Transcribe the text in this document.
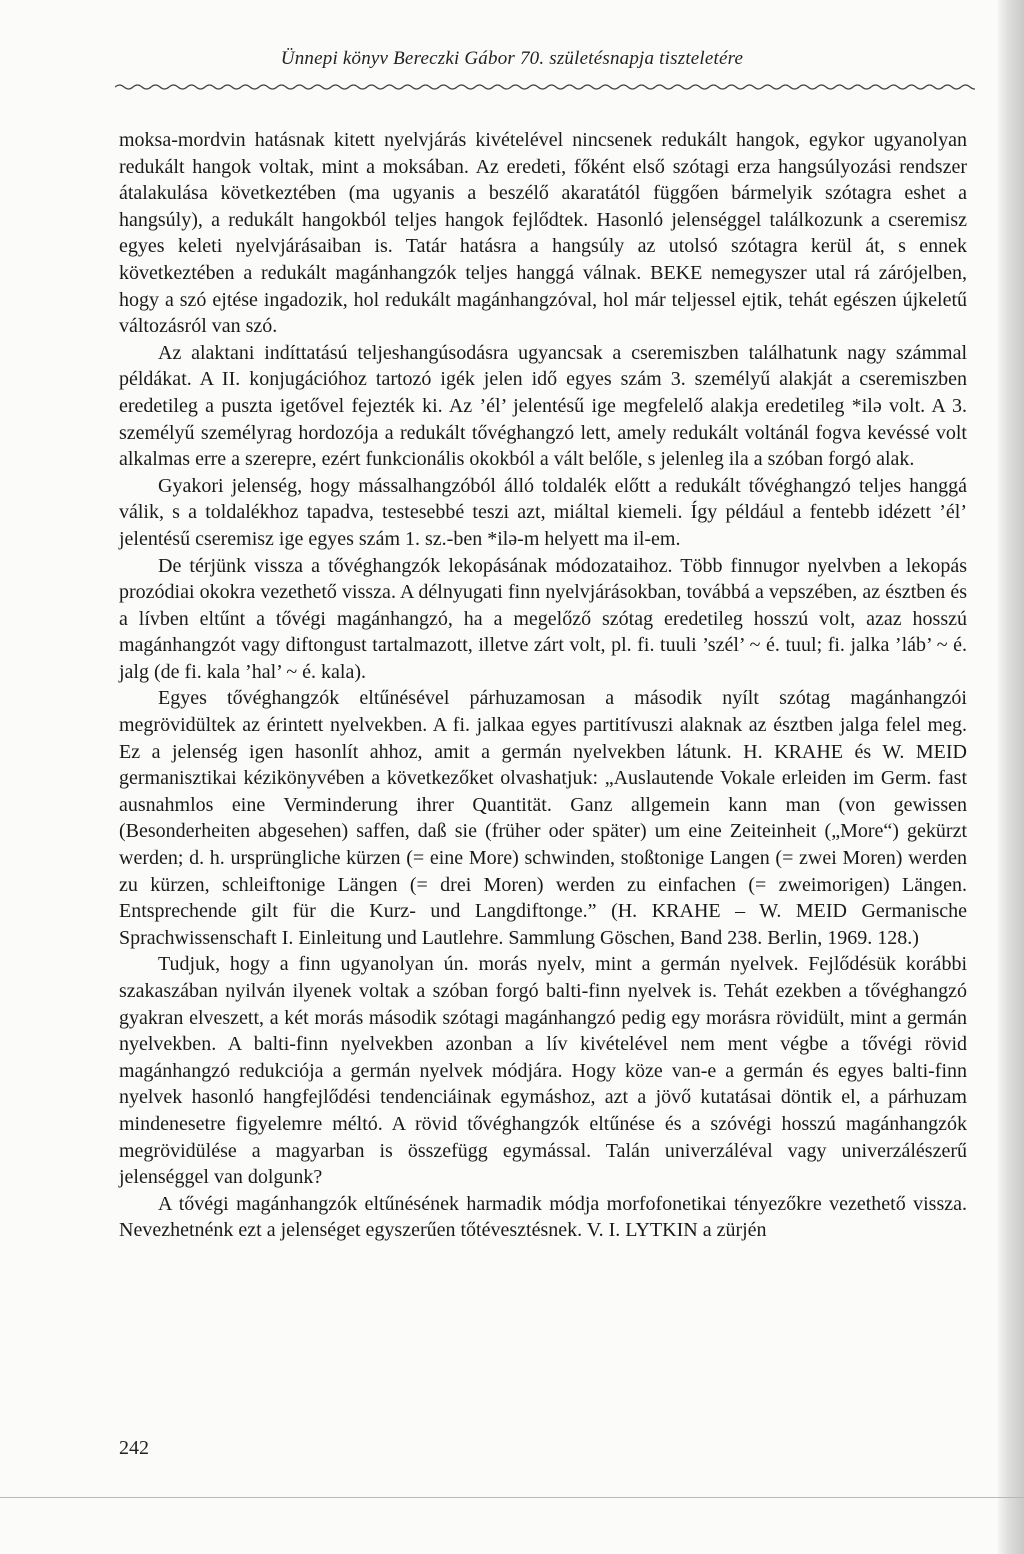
Ünnepi könyv Bereczki Gábor 70. születésnapja tiszteletére

moksa-mordvin hatásnak kitett nyelvjárás kivételével nincsenek redukált hangok, egykor ugyanolyan redukált hangok voltak, mint a moksában. Az eredeti, főként első szótagi erza hangsúlyozási rendszer átalakulása következtében (ma ugyanis a beszélő akaratától függően bármelyik szótagra eshet a hangsúly), a redukált hangokból teljes hangok fejlődtek. Hasonló jelenséggel találkozunk a cseremisz egyes keleti nyelvjárásaiban is. Tatár hatásra a hangsúly az utolsó szótagra kerül át, s ennek következtében a redukált magánhangzók teljes hanggá válnak. BEKE nemegyszer utal rá zárójelben, hogy a szó ejtése ingadozik, hol redukált magánhangzóval, hol már teljessel ejtik, tehát egészen újkeletű változásról van szó.

Az alaktani indíttatású teljeshangúsodásra ugyancsak a cseremiszben találhatunk nagy számmal példákat. A II. konjugációhoz tartozó igék jelen idő egyes szám 3. személyű alakját a cseremiszben eredetileg a puszta igetővel fejezték ki. Az ’él’ jelentésű ige megfelelő alakja eredetileg *ilə volt. A 3. személyű személyrag hordozója a redukált tővéghangzó lett, amely redukált voltánál fogva kevéssé volt alkalmas erre a szerepre, ezért funkcionális okokból a vált belőle, s jelenleg ila a szóban forgó alak.

Gyakori jelenség, hogy mássalhangzóból álló toldalék előtt a redukált tővéghangzó teljes hanggá válik, s a toldalékhoz tapadva, testesebbé teszi azt, miáltal kiemeli. Így például a fentebb idézett ’él’ jelentésű cseremisz ige egyes szám 1. sz.-ben *ilə-m helyett ma il-em.

De térjünk vissza a tővéghangzók lekopásának módozataihoz. Több finnugor nyelvben a lekopás prozódiai okokra vezethető vissza. A délnyugati finn nyelvjárásokban, továbbá a vepszében, az észtben és a lívben eltűnt a tővégi magánhangzó, ha a megelőző szótag eredetileg hosszú volt, azaz hosszú magánhangzót vagy diftongust tartalmazott, illetve zárt volt, pl. fi. tuuli ’szél’ ~ é. tuul; fi. jalka ’láb’ ~ é. jalg (de fi. kala ’hal’ ~ é. kala).

Egyes tővéghangzók eltűnésével párhuzamosan a második nyílt szótag magánhangzói megrövidültek az érintett nyelvekben. A fi. jalkaa egyes partitívuszi alaknak az észtben jalga felel meg. Ez a jelenség igen hasonlít ahhoz, amit a germán nyelvekben látunk. H. KRAHE és W. MEID germanisztikai kézikönyvében a következőket olvashatjuk: „Auslautende Vokale erleiden im Germ. fast ausnahmlos eine Verminderung ihrer Quantität. Ganz allgemein kann man (von gewissen (Besonderheiten abgesehen) saffen, daß sie (früher oder später) um eine Zeiteinheit („More“) gekürzt werden; d. h. ursprüngliche kürzen (= eine More) schwinden, stoßtonige Langen (= zwei Moren) werden zu kürzen, schleiftonige Längen (= drei Moren) werden zu einfachen (= zweimorigen) Längen. Entsprechende gilt für die Kurz- und Langdiftonge.” (H. KRAHE – W. MEID Germanische Sprachwissenschaft I. Einleitung und Lautlehre. Sammlung Göschen, Band 238. Berlin, 1969. 128.)

Tudjuk, hogy a finn ugyanolyan ún. morás nyelv, mint a germán nyelvek. Fejlődésük korábbi szakaszában nyilván ilyenek voltak a szóban forgó balti-finn nyelvek is. Tehát ezekben a tővéghangzó gyakran elveszett, a két morás második szótagi magánhangzó pedig egy morásra rövidült, mint a germán nyelvekben. A balti-finn nyelvekben azonban a lív kivételével nem ment végbe a tővégi rövid magánhangzó redukciója a germán nyelvek módjára. Hogy köze van-e a germán és egyes balti-finn nyelvek hasonló hangfejlődési tendenciáinak egymáshoz, azt a jövő kutatásai döntik el, a párhuzam mindenesetre figyelemre méltó. A rövid tővéghangzók eltűnése és a szóvégi hosszú magánhangzók megrövidülése a magyarban is összefügg egymással. Talán univerzáléval vagy univerzálészerű jelenséggel van dolgunk?

A tővégi magánhangzók eltűnésének harmadik módja morfofonetikai tényezőkre vezethető vissza. Nevezhetnénk ezt a jelenséget egyszerűen tőtévesztésnek. V. I. LYTKIN a zürjén

242
